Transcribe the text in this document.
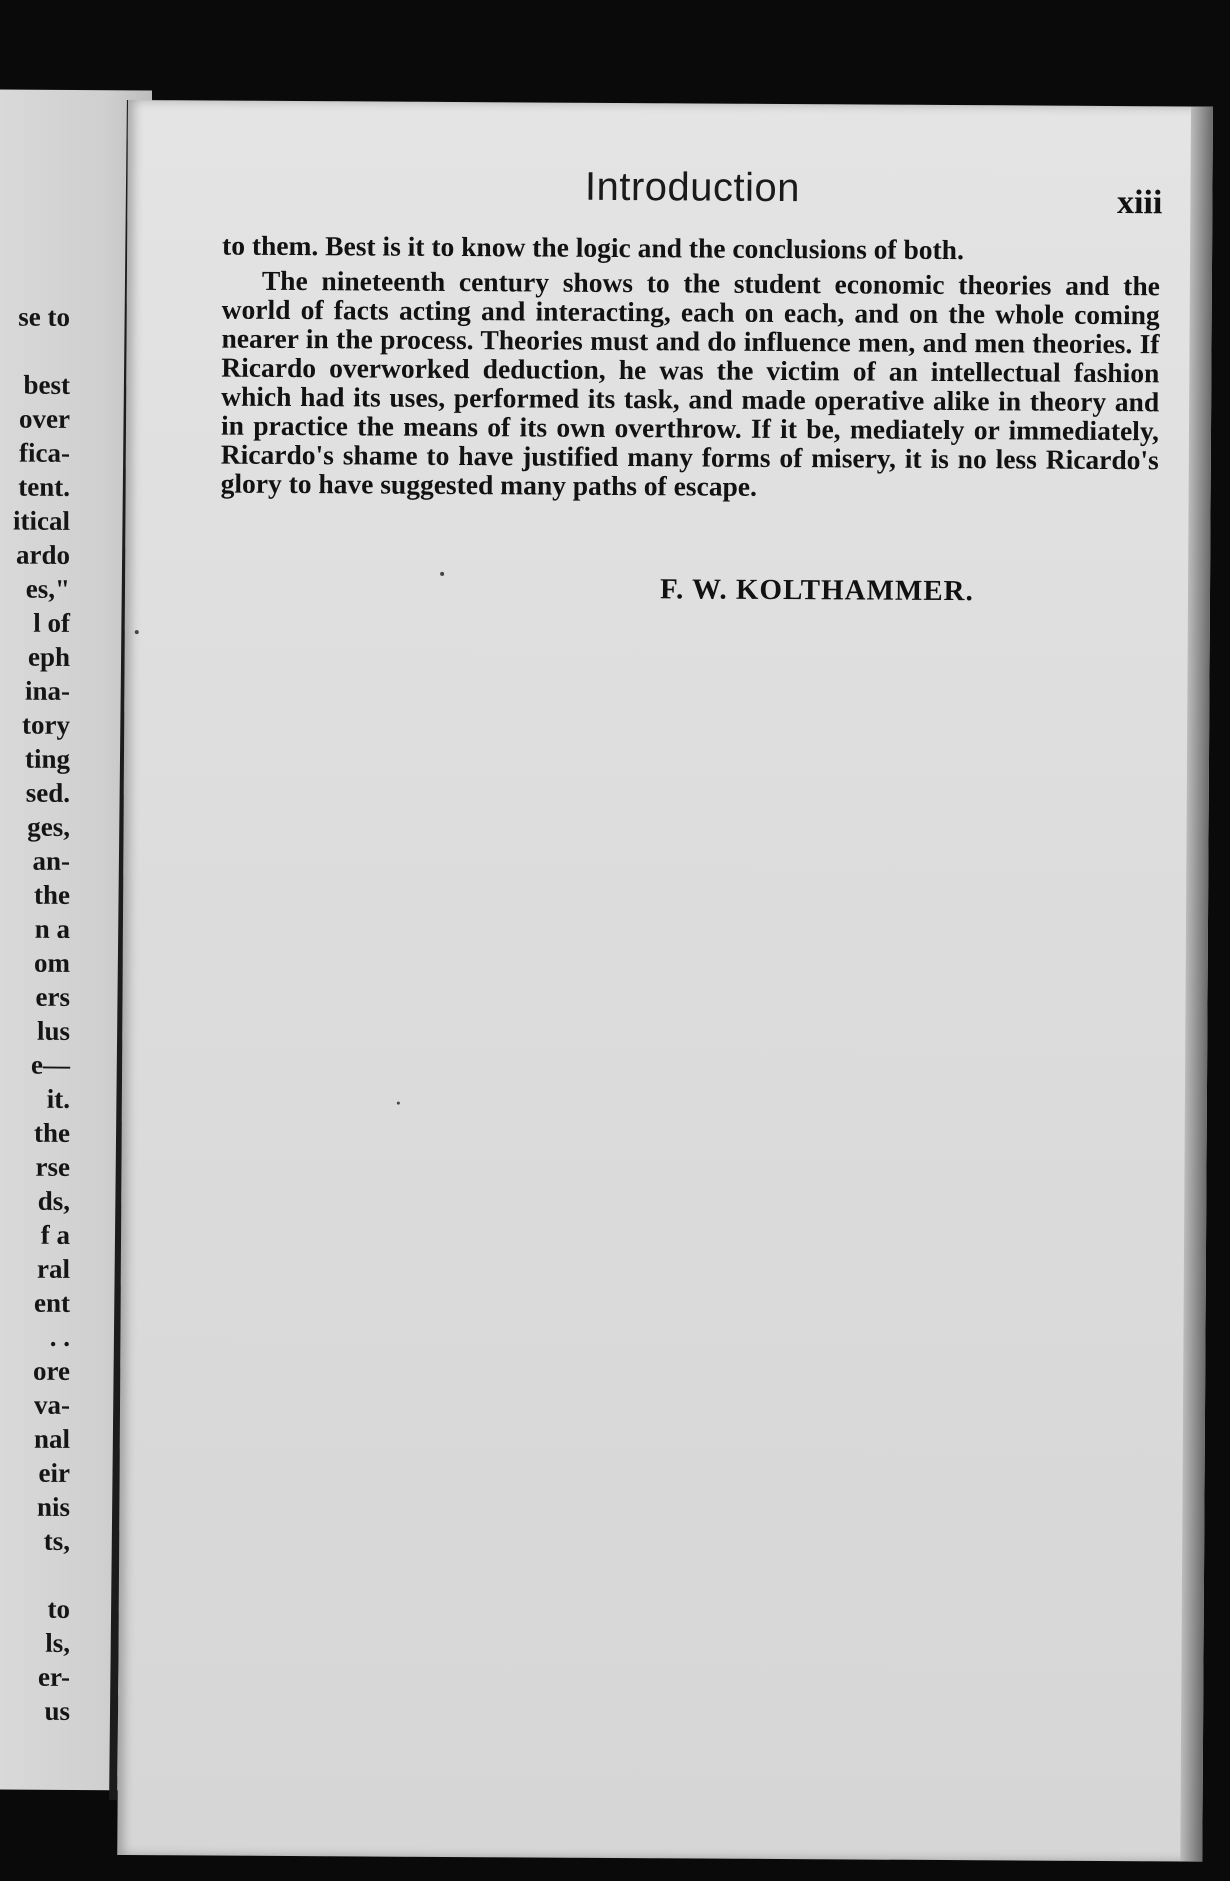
se to
best
over
fica-
tent.
itical
ardo
es,"
l of
eph
ina-
tory
ting
sed.
ges,
an-
the
n a
om
ers
lus
e—
it.
the
rse
ds,
f a
ral
ent
. .
ore
va-
nal
eir
nis
ts,
to
ls,
er-
us
Introduction	xiii

to them. Best is it to know the logic and the conclusions of both.

The nineteenth century shows to the student economic theories and the world of facts acting and interacting, each on each, and on the whole coming nearer in the process. Theories must and do influence men, and men theories. If Ricardo overworked deduction, he was the victim of an intellectual fashion which had its uses, performed its task, and made operative alike in theory and in practice the means of its own overthrow. If it be, mediately or immediately, Ricardo's shame to have justified many forms of misery, it is no less Ricardo's glory to have suggested many paths of escape.

F. W. KOLTHAMMER.
